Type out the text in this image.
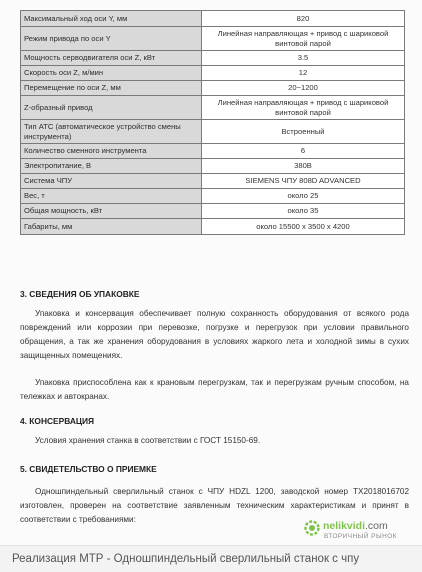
Максимальный ход оси Y, мм	820
Режим привода по оси Y	Линейная направляющая + привод с шариковой винтовой парой
Мощность серводвигателя оси Z, кВт	3.5
Скорость оси Z, м/мин	12
Перемещение по оси Z, мм	20~1200
Z-образный привод	Линейная направляющая + привод с шариковой винтовой парой
Тип АТС (автоматическое устройство смены инструмента)	Встроенный
Количество сменного инструмента	6
Электропитание, В	380В
Система ЧПУ	SIEMENS ЧПУ 808D ADVANCED
Вес, т	около 25
Общая мощность, кВт	около 35
Габариты, мм	около 15500 х 3500 х 4200

3. СВЕДЕНИЯ ОБ УПАКОВКЕ

Упаковка и консервация обеспечивает полную сохранность оборудования от всякого рода повреждений или коррозии при перевозке, погрузке и перегрузок при условии правильного обращения, а так же хранения оборудования в условиях жаркого лета и холодной зимы в сухих защищенных помещениях.

Упаковка приспособлена как к крановым перегрузкам, так и перегрузкам ручным способом, на тележках и автокранах.

4. КОНСЕРВАЦИЯ

Условия хранения станка в соответствии с ГОСТ 15150-69.

5. СВИДЕТЕЛЬСТВО О ПРИЕМКЕ

Одношпиндельный сверлильный станок с ЧПУ HDZL 1200, заводской номер TX2018016702 изготовлен, проверен на соответствие заявленным техническим характеристикам и принят в соответствии с требованиями:

nelikvidi.com
ВТОРИЧНЫЙ РЫНОК
Реализация МТР - Одношпиндельный сверлильный станок с чпу
